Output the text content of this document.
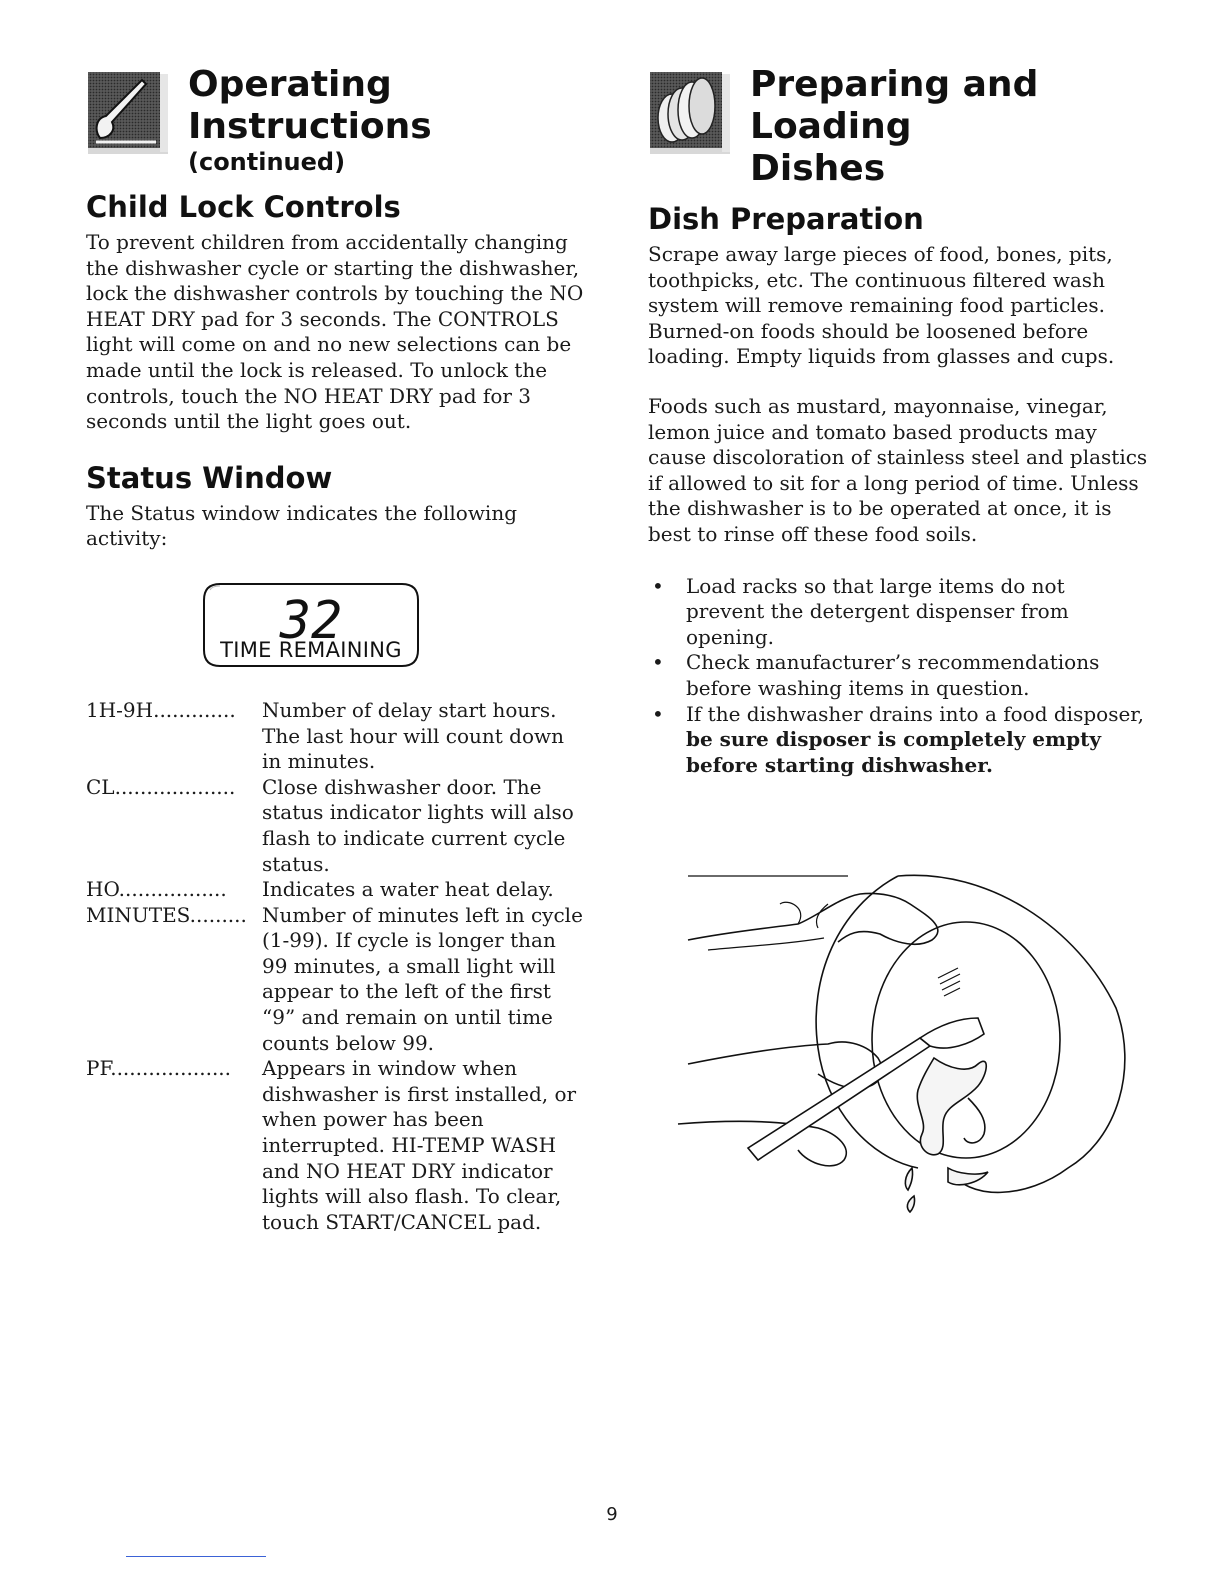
Operating Instructions
(continued)
Child Lock Controls

To prevent children from accidentally changing the dishwasher cycle or starting the dishwasher, lock the dishwasher controls by touching the NO HEAT DRY pad for 3 seconds. The CONTROLS light will come on and no new selections can be made until the lock is released. To unlock the controls, touch the NO HEAT DRY pad for 3 seconds until the light goes out.

Status Window

The Status window indicates the following activity:

32
TIME REMAINING
1H-9H.............	Number of delay start hours. The last hour will count down in minutes.
CL...................	Close dishwasher door. The status indicator lights will also flash to indicate current cycle status.
HO.................	Indicates a water heat delay.
MINUTES......... Number of minutes left in cycle (1-99). If cycle is longer than 99 minutes, a small light will appear to the left of the first “9” and remain on until time counts below 99.
PF...................	Appears in window when dishwasher is first installed, or when power has been interrupted. HI-TEMP WASH and NO HEAT DRY indicator lights will also flash. To clear, touch START/CANCEL pad.
Preparing and Loading
Dishes
Dish Preparation

Scrape away large pieces of food, bones, pits, toothpicks, etc. The continuous filtered wash system will remove remaining food particles. Burned-on foods should be loosened before loading. Empty liquids from glasses and cups.

Foods such as mustard, mayonnaise, vinegar, lemon juice and tomato based products may cause discoloration of stainless steel and plastics if allowed to sit for a long period of time. Unless the dishwasher is to be operated at once, it is best to rinse off these food soils.

• Load racks so that large items do not prevent the detergent dispenser from opening.
• Check manufacturer’s recommendations before washing items in question.
• If the dishwasher drains into a food disposer, be sure disposer is completely empty before starting dishwasher.
9
